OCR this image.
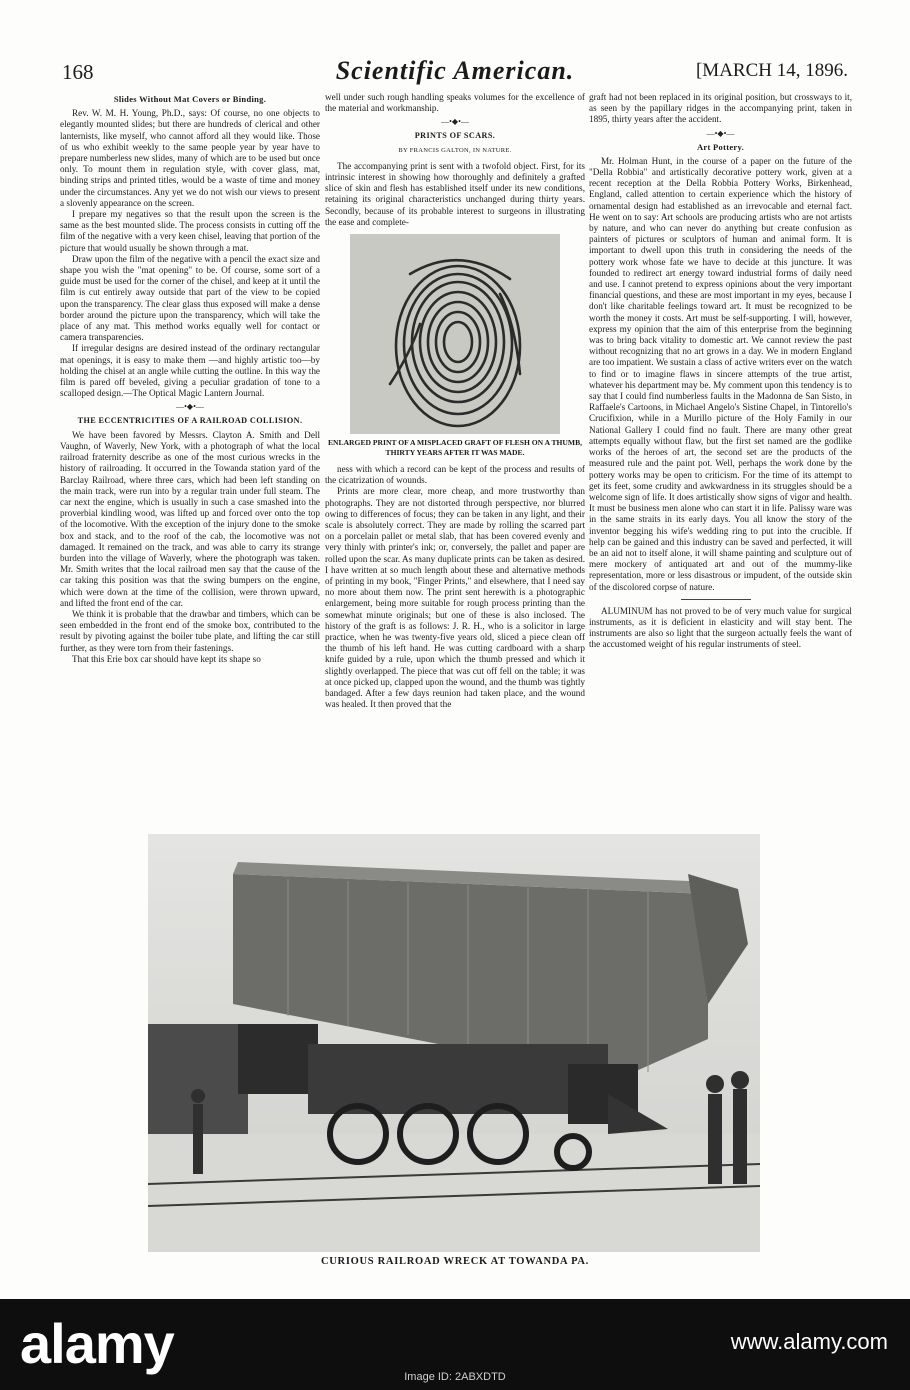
168	Scientific American.	[MARCH 14, 1896.
Slides Without Mat Covers or Binding.

Rev. W. M. H. Young, Ph.D., says: Of course, no one objects to elegantly mounted slides; but there are hundreds of clerical and other lanternists, like myself, who cannot afford all they would like. Those of us who exhibit weekly to the same people year by year have to prepare numberless new slides, many of which are to be used but once only. To mount them in regulation style, with cover glass, mat, binding strips and printed titles, would be a waste of time and money under the circumstances. Any yet we do not wish our views to present a slovenly appearance on the screen.

I prepare my negatives so that the result upon the screen is the same as the best mounted slide. The process consists in cutting off the film of the negative with a very keen chisel, leaving that portion of the picture that would usually be shown through a mat.

Draw upon the film of the negative with a pencil the exact size and shape you wish the "mat opening" to be. Of course, some sort of a guide must be used for the corner of the chisel, and keep at it until the film is cut entirely away outside that part of the view to be copied upon the transparency. The clear glass thus exposed will make a dense border around the picture upon the transparency, which will take the place of any mat. This method works equally well for contact or camera transparencies.

If irregular designs are desired instead of the ordinary rectangular mat openings, it is easy to make them —and highly artistic too—by holding the chisel at an angle while cutting the outline. In this way the film is pared off beveled, giving a peculiar gradation of tone to a scalloped design.—The Optical Magic Lantern Journal.

—•◆•—
THE ECCENTRICITIES OF A RAILROAD COLLISION.

We have been favored by Messrs. Clayton A. Smith and Dell Vaughn, of Waverly, New York, with a photograph of what the local railroad fraternity describe as one of the most curious wrecks in the history of railroading. It occurred in the Towanda station yard of the Barclay Railroad, where three cars, which had been left standing on the main track, were run into by a regular train under full steam. The car next the engine, which is usually in such a case smashed into the proverbial kindling wood, was lifted up and forced over onto the top of the locomotive. With the exception of the injury done to the smoke box and stack, and to the roof of the cab, the locomotive was not damaged. It remained on the track, and was able to carry its strange burden into the village of Waverly, where the photograph was taken. Mr. Smith writes that the local railroad men say that the cause of the car taking this position was that the swing bumpers on the engine, which were down at the time of the collision, were thrown upward, and lifted the front end of the car.

We think it is probable that the drawbar and timbers, which can be seen embedded in the front end of the smoke box, contributed to the result by pivoting against the boiler tube plate, and lifting the car still further, as they were torn from their fastenings.

That this Erie box car should have kept its shape so

well under such rough handling speaks volumes for the excellence of the material and workmanship.

—•◆•—
PRINTS OF SCARS.
BY FRANCIS GALTON, IN NATURE.

The accompanying print is sent with a twofold object. First, for its intrinsic interest in showing how thoroughly and definitely a grafted slice of skin and flesh has established itself under its new conditions, retaining its original characteristics unchanged during thirty years. Secondly, because of its probable interest to surgeons in illustrating the ease and complete-

ENLARGED PRINT OF A MISPLACED GRAFT OF FLESH ON A THUMB, THIRTY YEARS AFTER IT WAS MADE.

ness with which a record can be kept of the process and results of the cicatrization of wounds.

Prints are more clear, more cheap, and more trustworthy than photographs. They are not distorted through perspective, nor blurred owing to differences of focus; they can be taken in any light, and their scale is absolutely correct. They are made by rolling the scarred part on a porcelain pallet or metal slab, that has been covered evenly and very thinly with printer's ink; or, conversely, the pallet and paper are rolled upon the scar. As many duplicate prints can be taken as desired. I have written at so much length about these and alternative methods of printing in my book, "Finger Prints," and elsewhere, that I need say no more about them now. The print sent herewith is a photographic enlargement, being more suitable for rough process printing than the somewhat minute originals; but one of these is also inclosed. The history of the graft is as follows: J. R. H., who is a solicitor in large practice, when he was twenty-five years old, sliced a piece clean off the thumb of his left hand. He was cutting cardboard with a sharp knife guided by a rule, upon which the thumb pressed and which it slightly overlapped. The piece that was cut off fell on the table; it was at once picked up, clapped upon the wound, and the thumb was tightly bandaged. After a few days reunion had taken place, and the wound was healed. It then proved that the

graft had not been replaced in its original position, but crossways to it, as seen by the papillary ridges in the accompanying print, taken in 1895, thirty years after the accident.

—•◆•—
Art Pottery.

Mr. Holman Hunt, in the course of a paper on the future of the "Della Robbia" and artistically decorative pottery work, given at a recent reception at the Della Robbia Pottery Works, Birkenhead, England, called attention to certain experience which the history of ornamental design had established as an irrevocable and eternal fact. He went on to say: Art schools are producing artists who are not artists by nature, and who can never do anything but create confusion as painters of pictures or sculptors of human and animal form. It is important to dwell upon this truth in considering the needs of the pottery work whose fate we have to decide at this juncture. It was founded to redirect art energy toward industrial forms of daily need and use. I cannot pretend to express opinions about the very important financial questions, and these are most important in my eyes, because I don't like charitable feelings toward art. It must be recognized to be worth the money it costs. Art must be self-supporting. I will, however, express my opinion that the aim of this enterprise from the beginning was to bring back vitality to domestic art. We cannot review the past without recognizing that no art grows in a day. We in modern England are too impatient. We sustain a class of active writers ever on the watch to find or to imagine flaws in sincere attempts of the true artist, whatever his department may be. My comment upon this tendency is to say that I could find numberless faults in the Madonna de San Sisto, in Raffaele's Cartoons, in Michael Angelo's Sistine Chapel, in Tintorello's Crucifixion, while in a Murillo picture of the Holy Family in our National Gallery I could find no fault. There are many other great attempts equally without flaw, but the first set named are the godlike works of the heroes of art, the second set are the products of the measured rule and the paint pot. Well, perhaps the work done by the pottery works may be open to criticism. For the time of its attempt to get its feet, some crudity and awkwardness in its struggles should be a welcome sign of life. It does artistically show signs of vigor and health. It must be business men alone who can start it in life. Palissy ware was in the same straits in its early days. You all know the story of the inventor begging his wife's wedding ring to put into the crucible. If help can be gained and this industry can be saved and perfected, it will be an aid not to itself alone, it will shame painting and sculpture out of mere mockery of antiquated art and out of the mummy-like representation, more or less disastrous or impudent, of the outside skin of the discolored corpse of nature.

ALUMINUM has not proved to be of very much value for surgical instruments, as it is deficient in elasticity and will stay bent. The instruments are also so light that the surgeon actually feels the want of the accustomed weight of his regular instruments of steel.

CURIOUS RAILROAD WRECK AT TOWANDA PA.
alamy
Image ID: 2ABXDTD
www.alamy.com
